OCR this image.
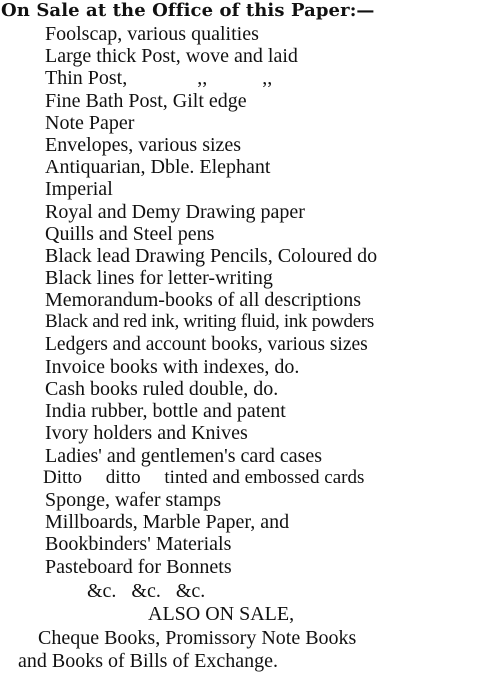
On Sale at the Office of this Paper:—
Foolscap, various qualities
Large thick Post, wove and laid
Thin Post,              ,,           ,,
Fine Bath Post, Gilt edge
Note Paper
Envelopes, various sizes
Antiquarian, Dble. Elephant
Imperial
Royal and Demy Drawing paper
Quills and Steel pens
Black lead Drawing Pencils, Coloured do
Black lines for letter-writing
Memorandum-books of all descriptions
Black and red ink, writing fluid, ink powders
Ledgers and account books, various sizes
Invoice books with indexes, do.
Cash books ruled double, do.
India rubber, bottle and patent
Ivory holders and Knives
Ladies' and gentlemen's card cases
Ditto     ditto     tinted and embossed cards
Sponge, wafer stamps
Millboards, Marble Paper, and
Bookbinders' Materials
Pasteboard for Bonnets
&c.   &c.   &c.
ALSO ON SALE,
Cheque Books, Promissory Note Books
and Books of Bills of Exchange.
